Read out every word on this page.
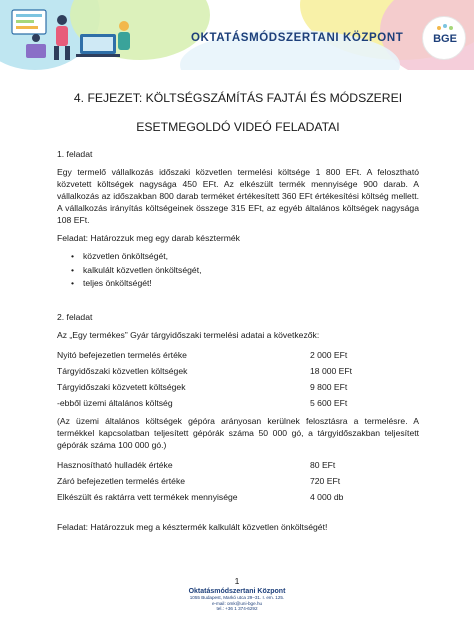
OKTATÁSMÓDSZERTANI KÖZPONT	BGE
4. FEJEZET: KÖLTSÉGSZÁMÍTÁS FAJTÁI ÉS MÓDSZEREI
ESETMEGOLDÓ VIDEÓ FELADATAI
1. feladat
Egy termelő vállalkozás időszaki közvetlen termelési költsége 1 800 EFt. A felosztható közvetett költségek nagysága 450 EFt. Az elkészült termék mennyisége 900 darab. A vállalkozás az időszakban 800 darab terméket értékesített 360 EFt értékesítési költség mellett. A vállalkozás irányítás költségeinek összege 315 EFt, az egyéb általános költségek nagysága 108 EFt.
Feladat: Határozzuk meg egy darab késztermék
• közvetlen önköltségét,
• kalkulált közvetlen önköltségét,
• teljes önköltségét!
2. feladat
Az „Egy termékes” Gyár tárgyidőszaki termelési adatai a következők:
Nyitó befejezetlen termelés értéke	2 000 EFt
Tárgyidőszaki közvetlen költségek	18 000 EFt
Tárgyidőszaki közvetett költségek	9 800 EFt
-ebből üzemi általános költség	5 600 EFt
(Az üzemi általános költségek gépóra arányosan kerülnek felosztásra a termelésre. A termékkel kapcsolatban teljesített gépórák száma 50 000 gó, a tárgyidőszakban teljesített gépórák száma 100 000 gó.)
Hasznosítható hulladék értéke	80 EFt
Záró befejezetlen termelés értéke	720 EFt
Elkészült és raktárra vett termékek mennyisége	4 000 db
Feladat: Határozzuk meg a késztermék kalkulált közvetlen önköltségét!
1
Oktatásmódszertani Központ
1055 Budapest, Markó utca 29–31. I. em. 125.
e-mail: omk@uni-bge.hu
tel.: +36 1 374-6292
